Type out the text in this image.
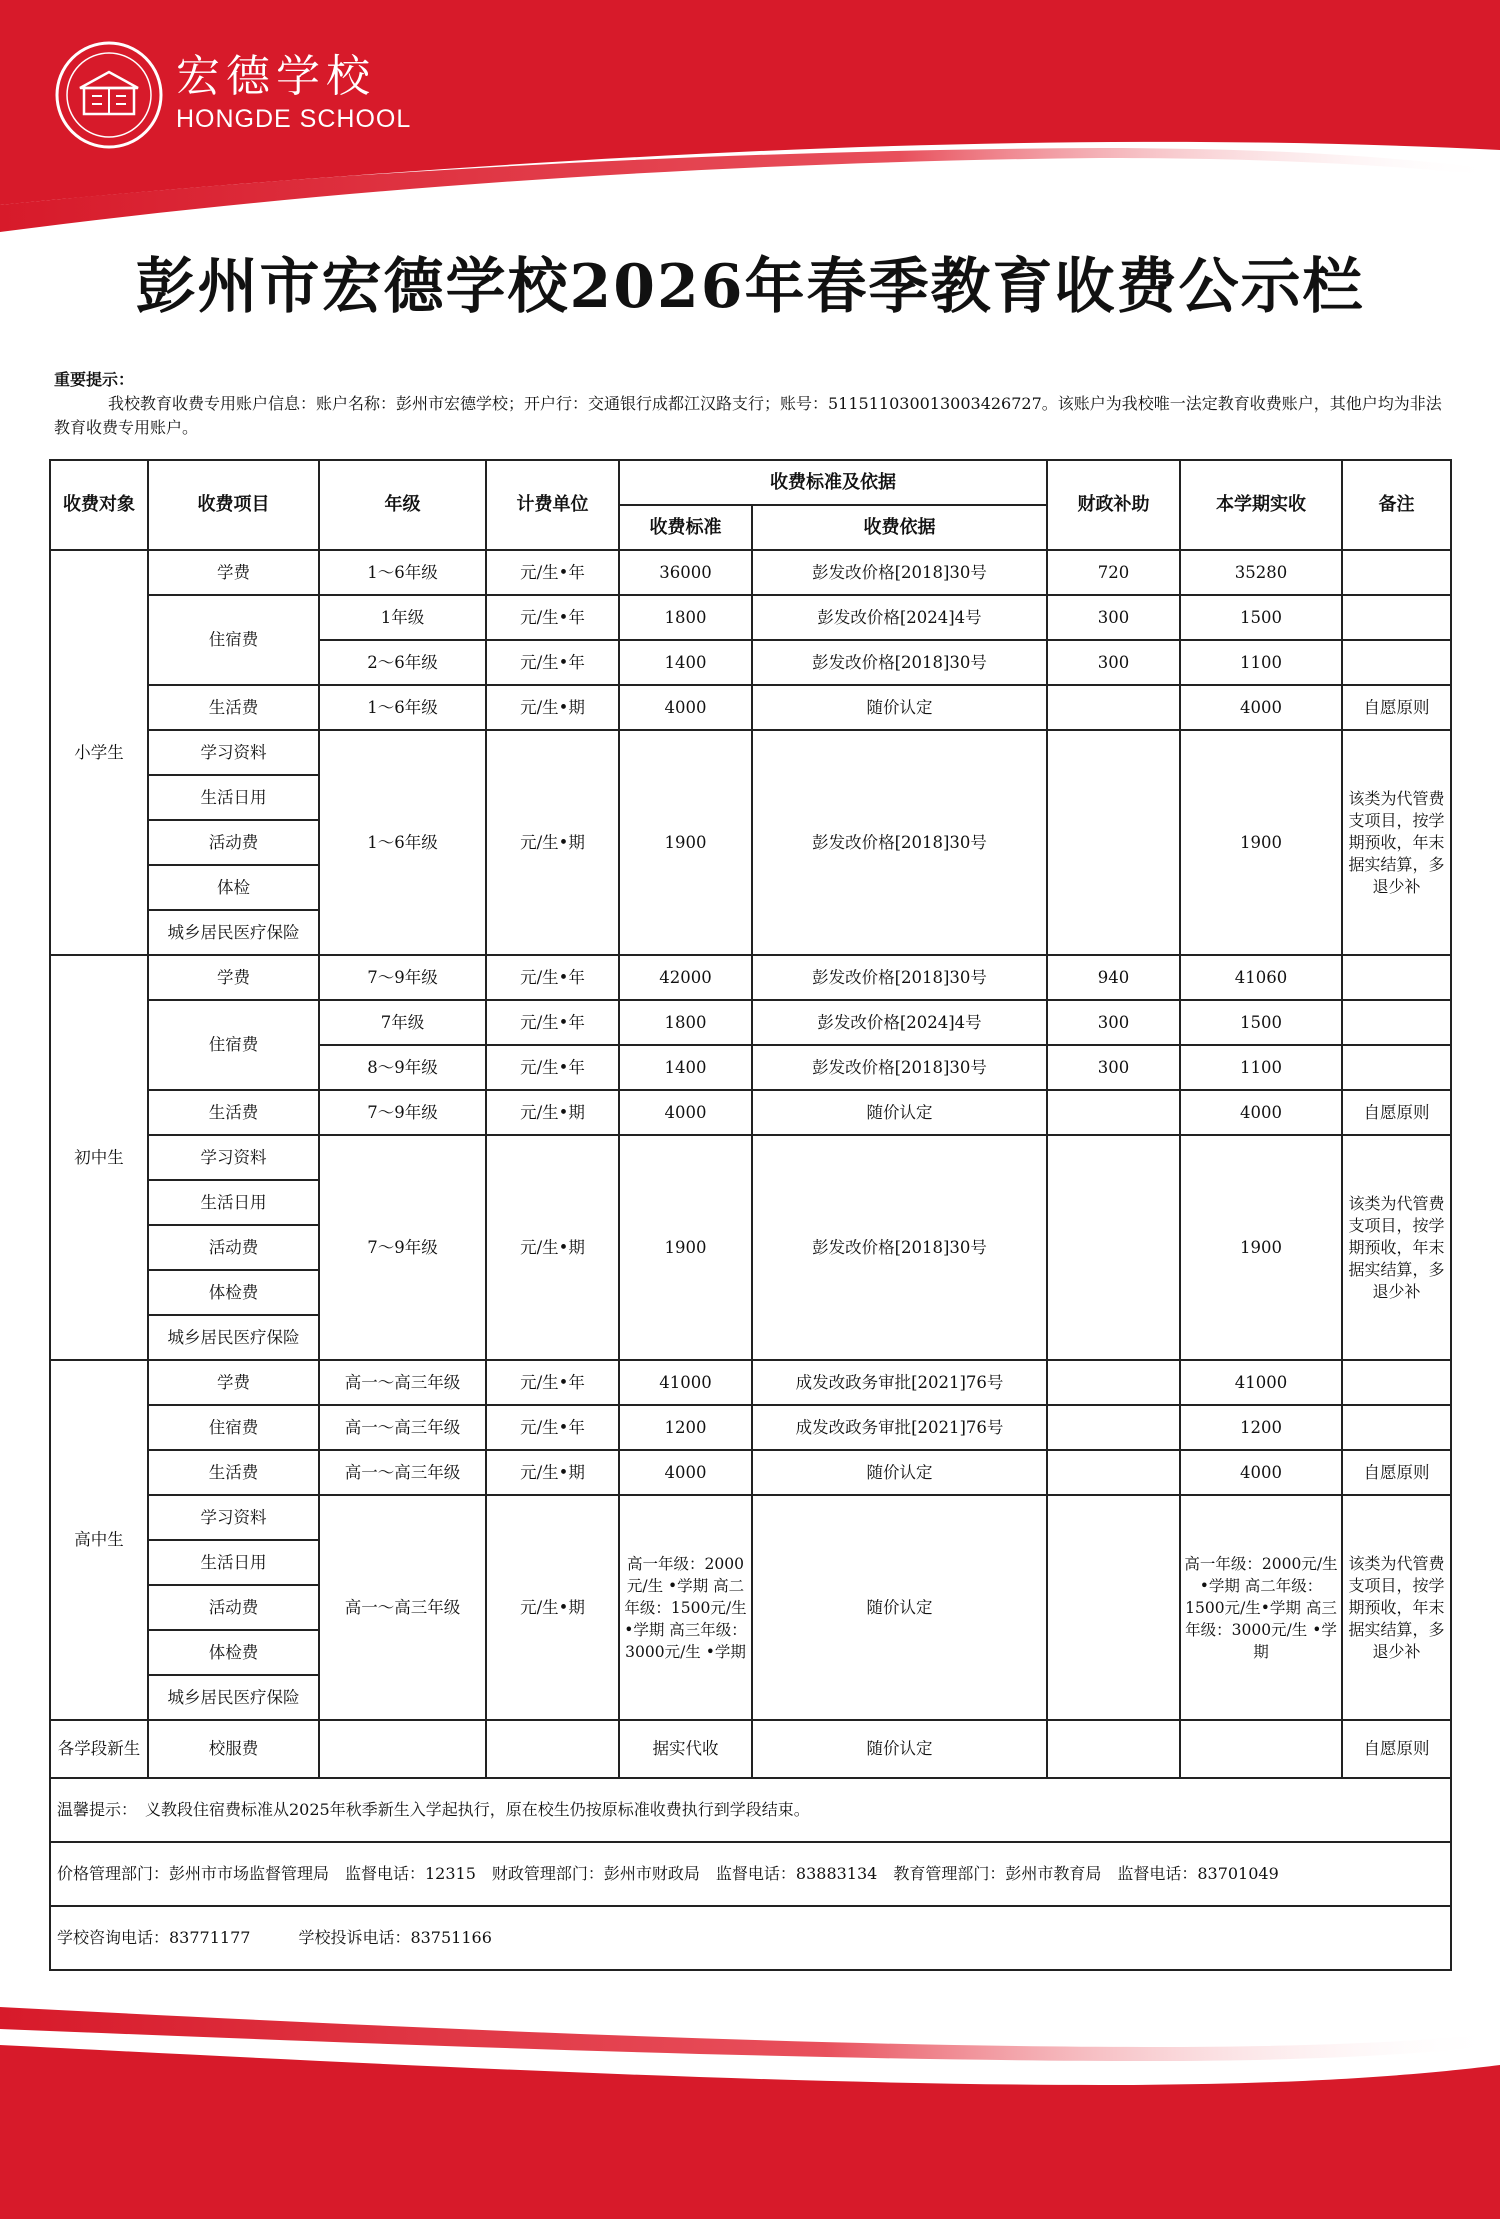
宏德学校
HONGDE SCHOOL
彭州市宏德学校2026年春季教育收费公示栏
重要提示：
我校教育收费专用账户信息：账户名称：彭州市宏德学校；开户行：交通银行成都江汉路支行；账号：511511030013003426727。该账户为我校唯一法定教育收费账户，其他户均为非法教育收费专用账户。
收费对象	收费项目	年级	计费单位	收费标准及依据		财政补助	本学期实收	备注
				收费标准	收费依据			
小学生	学费	1～6年级	元/生•年	36000	彭发改价格[2018]30号	720	35280	
	住宿费	1年级	元/生•年	1800	彭发改价格[2024]4号	300	1500	
		2～6年级	元/生•年	1400	彭发改价格[2018]30号	300	1100	
	生活费	1～6年级	元/生•期	4000	随价认定		4000	自愿原则
	学习资料	1～6年级	元/生•期	1900	彭发改价格[2018]30号		1900	该类为代管费支项目，按学期预收，年末据实结算，多退少补
	生活日用							
	活动费							
	体检							
	城乡居民医疗保险							
初中生	学费	7～9年级	元/生•年	42000	彭发改价格[2018]30号	940	41060	
	住宿费	7年级	元/生•年	1800	彭发改价格[2024]4号	300	1500	
		8～9年级	元/生•年	1400	彭发改价格[2018]30号	300	1100	
	生活费	7～9年级	元/生•期	4000	随价认定		4000	自愿原则
	学习资料	7～9年级	元/生•期	1900	彭发改价格[2018]30号		1900	该类为代管费支项目，按学期预收，年末据实结算，多退少补
	生活日用							
	活动费							
	体检费							
	城乡居民医疗保险							
高中生	学费	高一～高三年级	元/生•年	41000	成发改政务审批[2021]76号		41000	
	住宿费	高一～高三年级	元/生•年	1200	成发改政务审批[2021]76号		1200	
	生活费	高一～高三年级	元/生•期	4000	随价认定		4000	自愿原则
	学习资料	高一～高三年级	元/生•期	高一年级：2000元/生 •学期 高二年级：1500元/生 •学期 高三年级：3000元/生 •学期	随价认定		高一年级：2000元/生•学期 高二年级：1500元/生•学期 高三年级：3000元/生 •学期	该类为代管费支项目，按学期预收，年末据实结算，多退少补
	生活日用							
	活动费							
	体检费							
	城乡居民医疗保险							
各学段新生	校服费			据实代收	随价认定			自愿原则
温馨提示：　义教段住宿费标准从2025年秋季新生入学起执行，原在校生仍按原标准收费执行到学段结束。								
价格管理部门：彭州市市场监督管理局　监督电话：12315　财政管理部门：彭州市财政局　监督电话：83883134　教育管理部门：彭州市教育局　监督电话：83701049								
学校咨询电话：83771177　　　学校投诉电话：83751166								
